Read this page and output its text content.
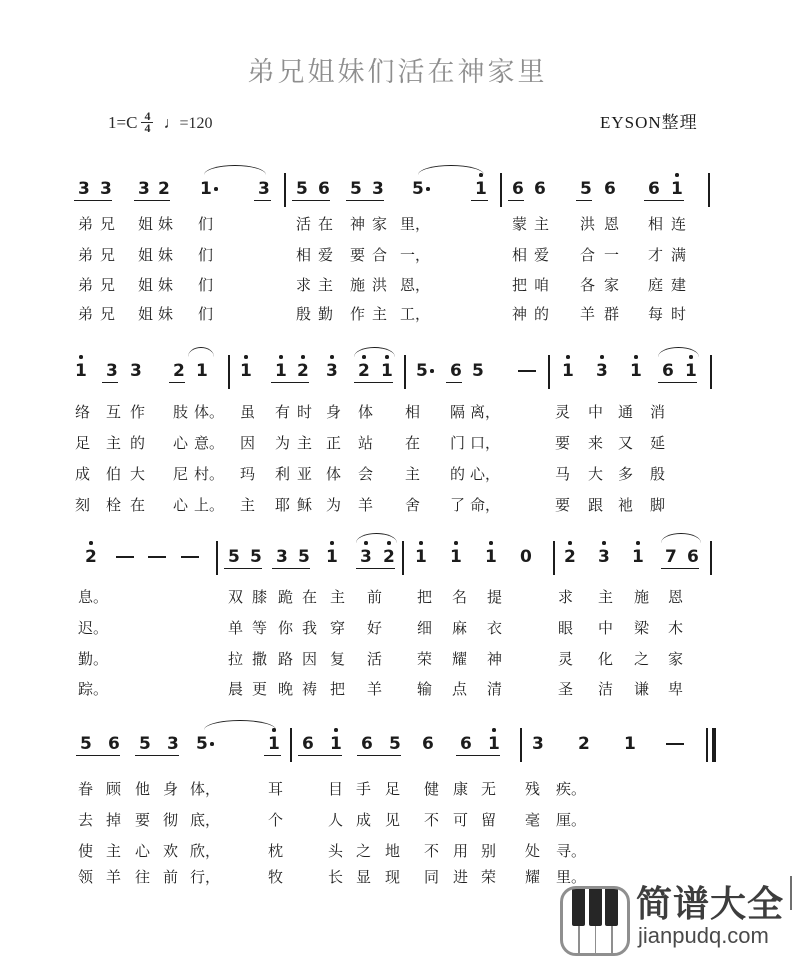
弟兄姐妹们活在神家里
$1=C \frac{4}{4}$ ♩=120	EYSON整理
3 3 3 2 1	3 5 6 5 3 5	1 6 6 5 6 6 1
弟 兄 姐 妹 们	活 在 神 家 里，	蒙 主 洪 恩 相 连
弟 兄 姐 妹 们	相 爱 要 合 一，	相 爱 合 一 才 满
弟 兄 姐 妹 们	求 主 施 洪 恩，	把 咱 各 家 庭 建
弟 兄 姐 妹 们	殷 勤 作 主 工，	神 的 羊 群 每 时
1 3 3 2 1 1 1 2 3 2 1 5 6 5	1 3 1 6 1
络 互 作 肢 体。 虽 有 时 身 体 相 隔 离，	灵 中 通 消
足 主 的 心 意。 因 为 主 正 站 在 门 口，	要 来 又 延
成 伯 大 尼 村。 玛 利 亚 体 会 主 的 心，	马 大 多 殷
刻 栓 在 心 上。 主 耶 稣 为 羊 舍 了 命，	要 跟 祂 脚
2	5 5 3 5 1 3 2 1 1 1 0 2 3 1 7 6
息。	双 膝 跪 在 主 前 把 名 提	求 主 施 恩
迟。	单 等 你 我 穿 好 细 麻 衣	眼 中 梁 木
勤。	拉 撒 路 因 复 活 荣 耀 神	灵 化 之 家
踪。	晨 更 晚 祷 把 羊 输 点 清	圣 洁 谦 卑
5 6 5 3 5	1 6 1 6 5 6 6 1 3 2 1
眷 顾 他 身 体，	耳	目 手 足 健 康 无 残 疾。
去 掉 要 彻 底，	个	人 成 见 不 可 留 毫 厘。
使 主 心 欢 欣，	枕	头 之 地 不 用 别 处 寻。
领 羊 往 前 行，	牧	长 显 现 同 进 荣 耀 里。
简谱大全
jianpudq.com
